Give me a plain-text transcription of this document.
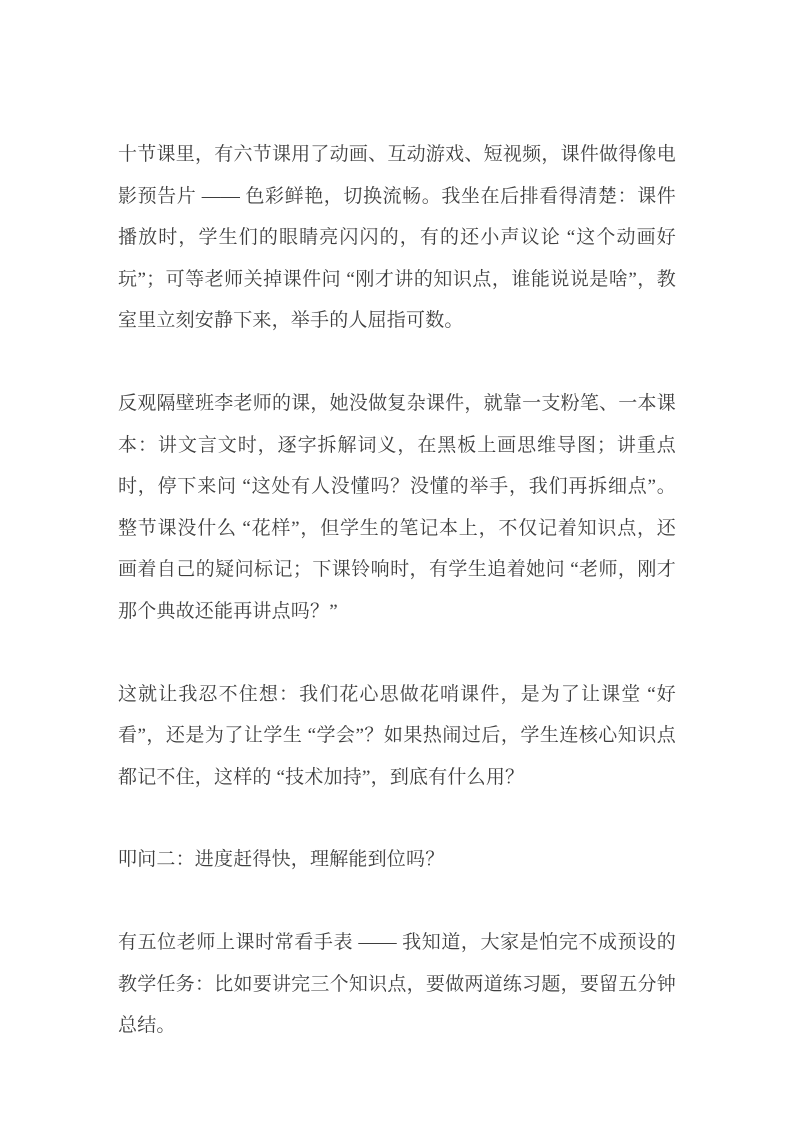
十节课里，有六节课用了动画、互动游戏、短视频，课件做得像电影预告片 —— 色彩鲜艳，切换流畅。我坐在后排看得清楚：课件播放时，学生们的眼睛亮闪闪的，有的还小声议论 “这个动画好玩”；可等老师关掉课件问 “刚才讲的知识点，谁能说说是啥”，教室里立刻安静下来，举手的人屈指可数。

反观隔壁班李老师的课，她没做复杂课件，就靠一支粉笔、一本课本：讲文言文时，逐字拆解词义，在黑板上画思维导图；讲重点时，停下来问 “这处有人没懂吗？没懂的举手，我们再拆细点”。整节课没什么 “花样”，但学生的笔记本上，不仅记着知识点，还画着自己的疑问标记；下课铃响时，有学生追着她问 “老师，刚才那个典故还能再讲点吗？”

这就让我忍不住想：我们花心思做花哨课件，是为了让课堂 “好看”，还是为了让学生 “学会”？如果热闹过后，学生连核心知识点都记不住，这样的 “技术加持”，到底有什么用？

叩问二：进度赶得快，理解能到位吗？

有五位老师上课时常看手表 —— 我知道，大家是怕完不成预设的教学任务：比如要讲完三个知识点，要做两道练习题，要留五分钟总结。
